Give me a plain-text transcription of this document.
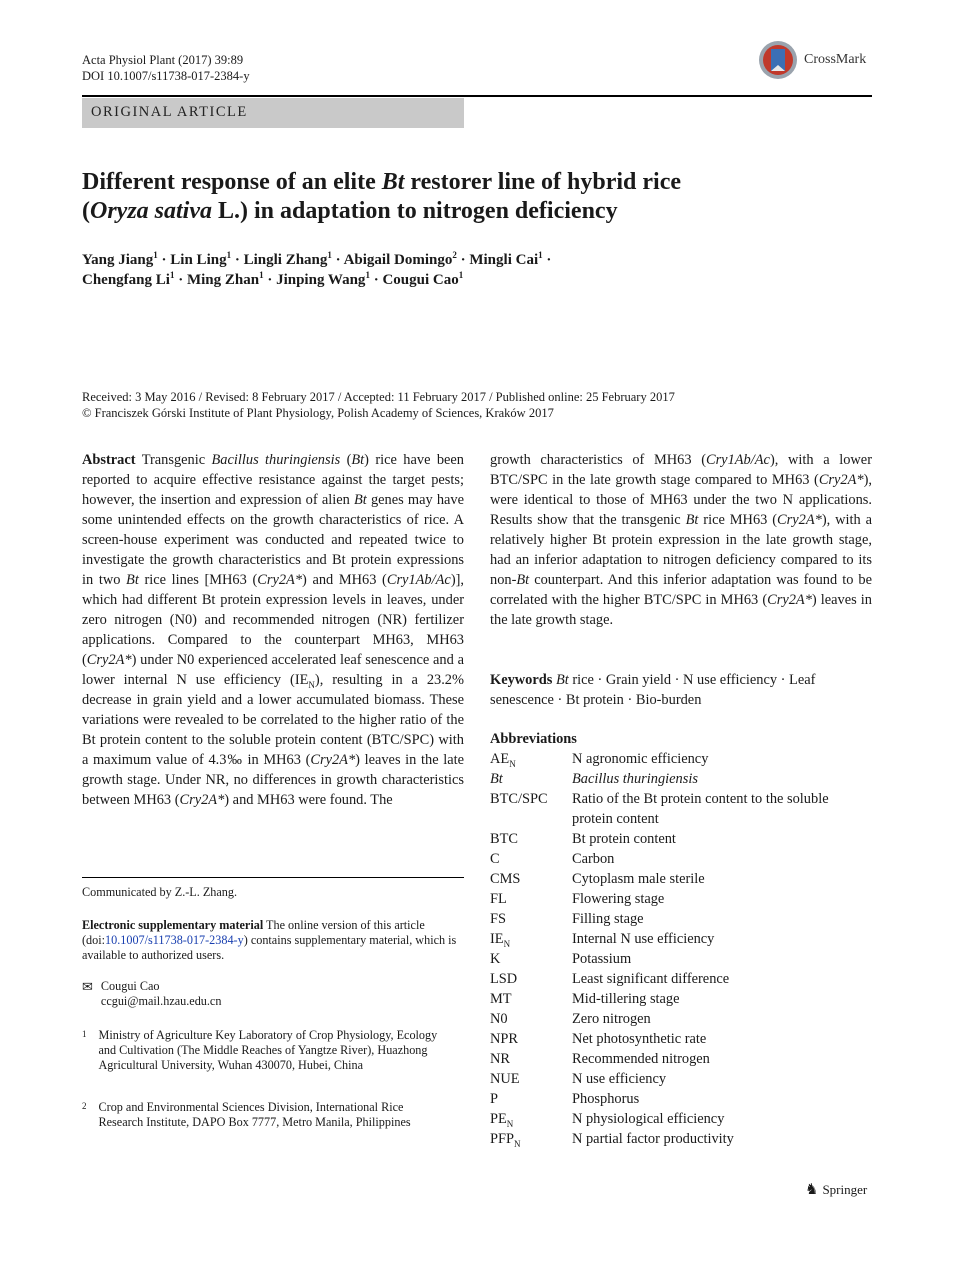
Acta Physiol Plant (2017) 39:89
DOI 10.1007/s11738-017-2384-y
CrossMark
ORIGINAL ARTICLE
Different response of an elite Bt restorer line of hybrid rice
(Oryza sativa L.) in adaptation to nitrogen deficiency
Yang Jiang$^1$ · Lin Ling$^1$ · Lingli Zhang$^1$ · Abigail Domingo$^2$ · Mingli Cai$^1$ ·
Chengfang $Li^1$ · Ming Zhan$^1$ · Jinping Wang$^1$ · Cougui Cao$^1$
Received: 3 May 2016 / Revised: 8 February 2017 / Accepted: 11 February 2017 / Published online: 25 February 2017
© Franciszek Górski Institute of Plant Physiology, Polish Academy of Sciences, Kraków 2017
Abstract Transgenic Bacillus thuringiensis (Bt) rice have been reported to acquire effective resistance against the target pests; however, the insertion and expression of alien Bt genes may have some unintended effects on the growth characteristics of rice. A screen-house experiment was conducted and repeated twice to investigate the growth characteristics and Bt protein expressions in two Bt rice lines [MH63 (Cry2A*) and MH63 (Cry1Ab/Ac)], which had different Bt protein expression levels in leaves, under zero nitrogen (N0) and recommended nitrogen (NR) fertilizer applications. Compared to the counterpart MH63, MH63 (Cry2A*) under N0 experienced accelerated leaf senescence and a lower internal N use efficiency $(IE_N)$, resulting in a 23.2% decrease in grain yield and a lower accumulated biomass. These variations were revealed to be correlated to the higher ratio of the Bt protein content to the soluble protein content (BTC/SPC) with a maximum value of 4.3‰ in MH63 (Cry2A*) leaves in the late growth stage. Under NR, no differences in growth characteristics between MH63 (Cry2A*) and MH63 were found. The
Communicated by Z.-L. Zhang.
Electronic supplementary material The online version of this article (doi:10.1007/s11738-017-2384-y) contains supplementary material, which is available to authorized users.
✉ Cougui Cao
ccgui@mail.hzau.edu.cn
1 Ministry of Agriculture Key Laboratory of Crop Physiology, Ecology and Cultivation (The Middle Reaches of Yangtze River), Huazhong Agricultural University, Wuhan 430070, Hubei, China
2 Crop and Environmental Sciences Division, International Rice Research Institute, DAPO Box 7777, Metro Manila, Philippines
growth characteristics of MH63 (Cry1Ab/Ac), with a lower BTC/SPC in the late growth stage compared to MH63 (Cry2A*), were identical to those of MH63 under the two N applications. Results show that the transgenic Bt rice MH63 (Cry2A*), with a relatively higher Bt protein expression in the late growth stage, had an inferior adaptation to nitrogen deficiency compared to its non-Bt counterpart. And this inferior adaptation was found to be correlated with the higher BTC/SPC in MH63 (Cry2A*) leaves in the late growth stage.
Keywords Bt rice · Grain yield · N use efficiency · Leaf senescence · Bt protein · Bio-burden
Abbreviations
$AE_N$	N agronomic efficiency
Bt	Bacillus thuringiensis
BTC/SPC	Ratio of the Bt protein content to the soluble protein content
BTC	Bt protein content
C	Carbon
CMS	Cytoplasm male sterile
FL	Flowering stage
FS	Filling stage
$IE_N$	Internal N use efficiency
K	Potassium
LSD	Least significant difference
MT	Mid-tillering stage
N0	Zero nitrogen
NPR	Net photosynthetic rate
NR	Recommended nitrogen
NUE	N use efficiency
P	Phosphorus
$PE_N$	N physiological efficiency
$PFP_N$	N partial factor productivity
♞ Springer
